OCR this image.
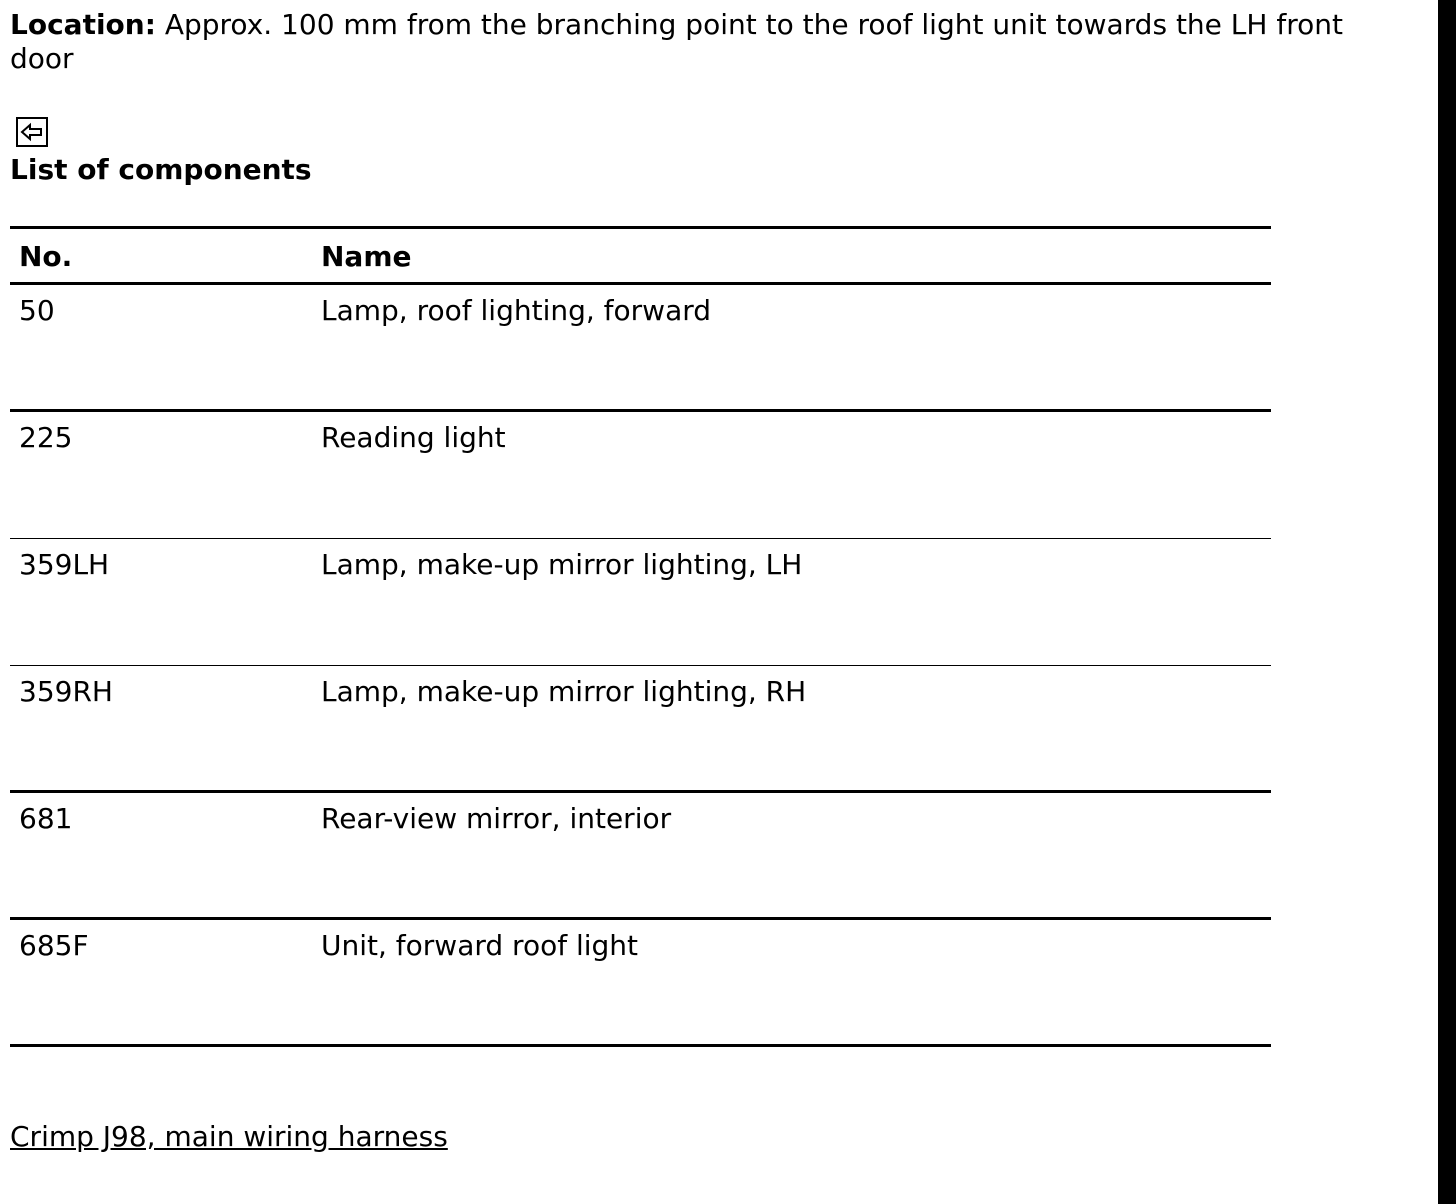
Location: Approx. 100 mm from the branching point to the roof light unit towards the LH front door
List of components
No.	Name
50	Lamp, roof lighting, forward
225	Reading light
359LH	Lamp, make-up mirror lighting, LH
359RH	Lamp, make-up mirror lighting, RH
681	Rear-view mirror, interior
685F	Unit, forward roof light
Crimp J98, main wiring harness
